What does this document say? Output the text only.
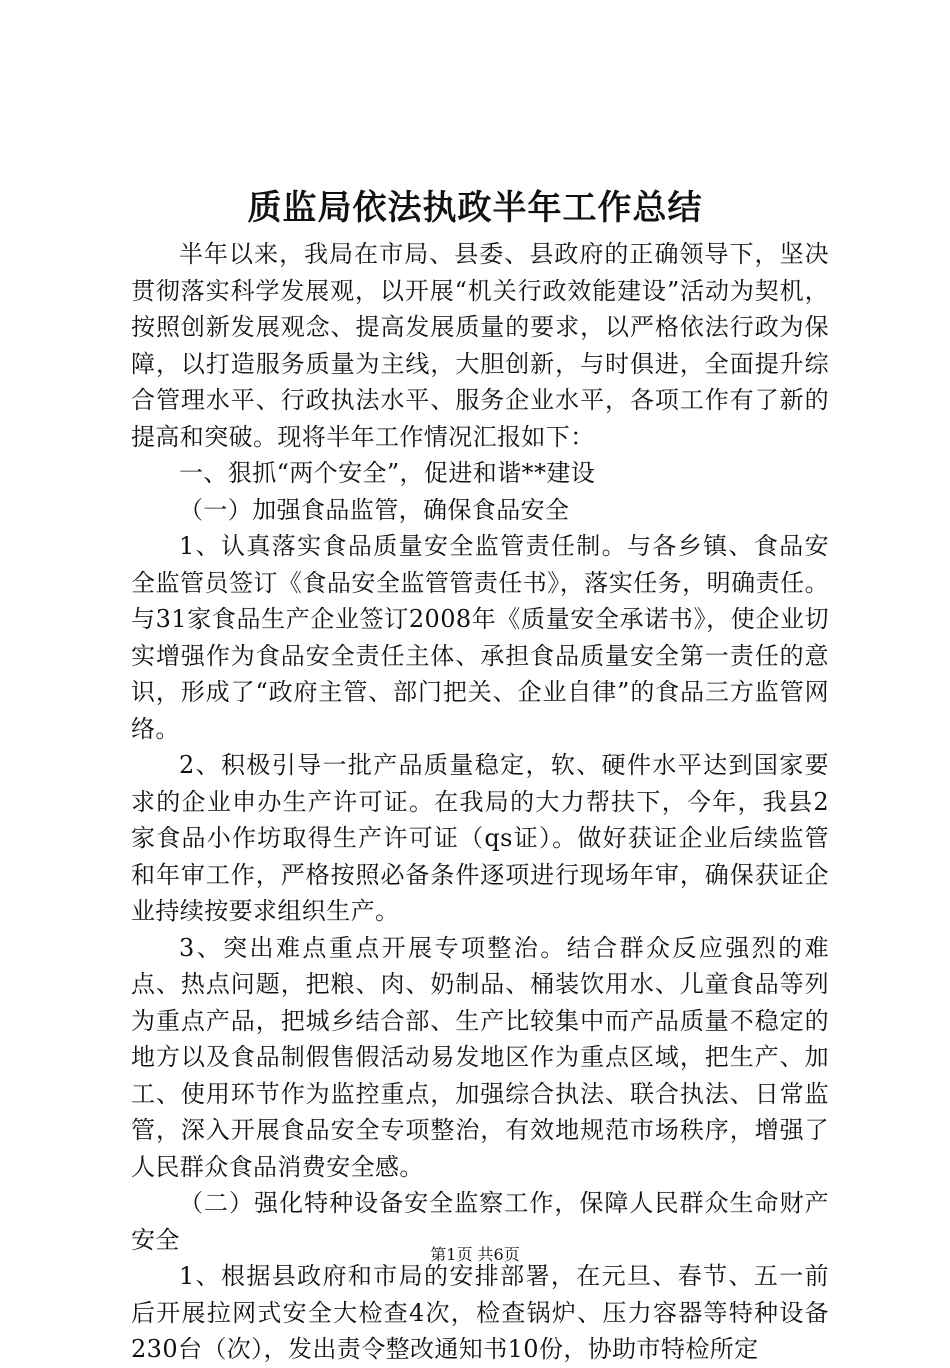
质监局依法执政半年工作总结

半年以来，我局在市局、县委、县政府的正确领导下，坚决贯彻落实科学发展观，以开展“机关行政效能建设”活动为契机，按照创新发展观念、提高发展质量的要求，以严格依法行政为保障，以打造服务质量为主线，大胆创新，与时俱进，全面提升综合管理水平、行政执法水平、服务企业水平，各项工作有了新的提高和突破。现将半年工作情况汇报如下：

一、狠抓“两个安全”，促进和谐**建设

（一）加强食品监管，确保食品安全

1、认真落实食品质量安全监管责任制。与各乡镇、食品安全监管员签订《食品安全监管管责任书》，落实任务，明确责任。与31家食品生产企业签订2008年《质量安全承诺书》，使企业切实增强作为食品安全责任主体、承担食品质量安全第一责任的意识，形成了“政府主管、部门把关、企业自律”的食品三方监管网络。

2、积极引导一批产品质量稳定，软、硬件水平达到国家要求的企业申办生产许可证。在我局的大力帮扶下，今年，我县2家食品小作坊取得生产许可证（qs证）。做好获证企业后续监管和年审工作，严格按照必备条件逐项进行现场年审，确保获证企业持续按要求组织生产。

3、突出难点重点开展专项整治。结合群众反应强烈的难点、热点问题，把粮、肉、奶制品、桶装饮用水、儿童食品等列为重点产品，把城乡结合部、生产比较集中而产品质量不稳定的地方以及食品制假售假活动易发地区作为重点区域，把生产、加工、使用环节作为监控重点，加强综合执法、联合执法、日常监管，深入开展食品安全专项整治，有效地规范市场秩序，增强了人民群众食品消费安全感。

（二）强化特种设备安全监察工作，保障人民群众生命财产安全

1、根据县政府和市局的安排部署，在元旦、春节、五一前后开展拉网式安全大检查4次，检查锅炉、压力容器等特种设备230台（次），发出责令整改通知书10份，协助市特检所定

第1页 共6页
